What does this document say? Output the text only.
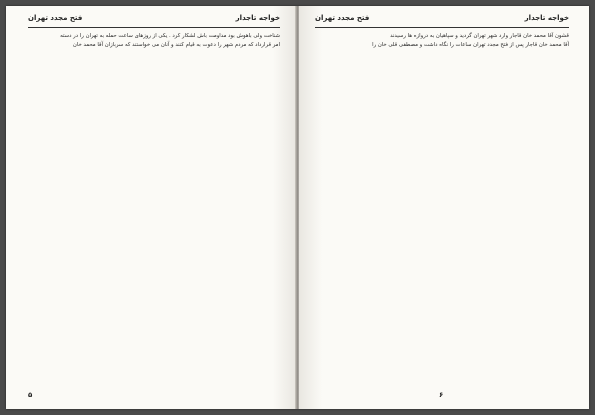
فتح مجدد تهران	خواجه تاجدار

شناخت ولی باهوش بود مداومت باش لشکار کرد . یکی از روزهای ساعت حمله به تهران را در دسته

امر قرارداد که مردم شهر را دعوت به قیام کنند و آنان می خواستند که سربازان آقا محمد خان

۵
فتح مجدد تهران	خواجه تاجدار

قشون آقا محمد خان قاجار وارد شهر تهران گردید و سپاهیان به دروازه ها رسیدند

آقا محمد خان قاجار پس از فتح مجدد تهران ساعات را نگاه داشت و مصطفی قلی خان را

۶
